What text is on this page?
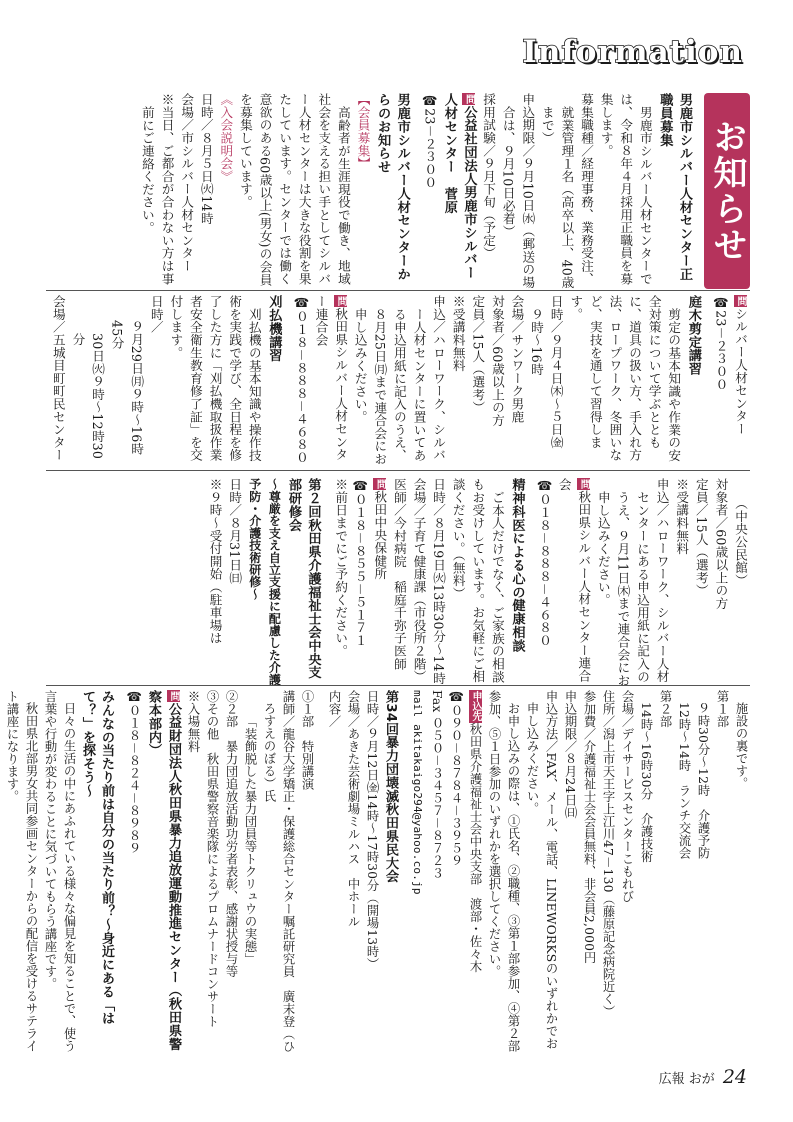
Information
お知らせ
男鹿市シルバー人材センター正職員募集
男鹿市シルバー人材センターでは、令和８年４月採用正職員を募集します。
募集職種／経理事務、業務受注、就業管理１名（高卒以上、40歳まで）
申込期限／９月10日㈬（郵送の場合は、９月10日必着）
採用試験／９月下旬（予定）
問公益社団法人男鹿市シルバー人材センター　菅原
☎23－２３００
男鹿市シルバー人材センターからのお知らせ
【会員募集】
高齢者が生涯現役で働き、地域社会を支える担い手としてシルバー人材センターは大きな役割を果たしています。センターでは働く意欲のある60歳以上(男女)の会員を募集しています。
《入会説明会》
日時／８月５日㈫14時
会場／市シルバー人材センター
※当日、ご都合が合わない方は事前にご連絡ください。
問シルバー人材センター
☎23－２３００
庭木剪定講習
剪定の基本知識や作業の安全対策について学ぶとともに、道具の扱い方、手入れ方法、ロープワーク、冬囲いなど、実技を通して習得します。
日時／９月４日㈭～５日㈮　９時～16時
会場／サンワーク男鹿
対象者／60歳以上の方
定員／15人（選考）
※受講料無料
申込／ハローワーク、シルバー人材センターに置いてある申込用紙に記入のうえ、８月25日㈪まで連合会にお申し込みください。
問秋田県シルバー人材センター連合会
☎０１８－８８８－４６８０
刈払機講習
刈払機の基本知識や操作技術を実践で学び、全日程を修了した方に「刈払機取扱作業者安全衛生教育修了証」を交付します。
日時／
９月29日㈪９時～16時45分
30日㈫９時～12時30分
会場／五城目町町民センター
（中央公民館）
対象者／60歳以上の方
定員／15人（選考）
※受講料無料
申込／ハローワーク、シルバー人材センターにある申込用紙に記入のうえ、９月11日㈭まで連合会にお申し込みください。
問秋田県シルバー人材センター連合会
☎０１８－８８８－４６８０
精神科医による心の健康相談
ご本人だけでなく、ご家族の相談もお受けしています。お気軽にご相談ください。（無料）
日時／８月19日㈫13時30分～14時
会場／子育て健康課（市役所２階）
医師／今村病院　稲庭千弥子医師
問秋田中央保健所
☎０１８－８５５－５１７１
※前日までにご予約ください。
第２回秋田県介護福祉士会中央支部研修会
～尊厳を支え自立支援に配慮した介護予防・介護技術研修～
日時／８月31日㈰
※９時～受付開始（駐車場は
施設の裏です。
第１部
９時30分～12時　介護予防
12時～14時　ランチ交流会
第２部
14時～16時30分　介護技術
会場／デイサービスセンターこもれび
住所／潟上市天王字上江川47－130（藤原記念病院近く）
参加費／介護福祉士会会員無料、非会員2,000円
申込期限／８月24日㈰
申込方法／FAX、メール、電話、LINEWORKSのいずれかでお申し込みください。
お申し込みの際は、①氏名、②職種、③第１部参加、④第２部参加、⑤１日参加のいずれかを選択してください。
申込先秋田県介護福祉士会中央支部　渡部・佐々木
☎０９０－８７８４－３９５９
Fax ０５０－３４５７－８７２３
mail akitakaigo294@yahoo.co.jp
第34回暴力団壊滅秋田県民大会
日時／９月12日㈮14時～17時30分（開場13時）
会場／あきた芸術劇場ミルハス　中ホール
内容／
①１部　特別講演
講師／龍谷大学矯正・保護総合センター嘱託研究員　廣末登（ひろすえのぼる）氏
「装飾脱した暴力団員等トクリュウの実態」
②２部　暴力団追放活動功労者表彰、感謝状授与等
③その他　秋田県警察音楽隊によるプロムナードコンサート
※入場無料
問公益財団法人秋田県暴力追放運動推進センター（秋田県警察本部内）
☎０１８－８２４－８９８９
みんなの当たり前は自分の当たり前？～身近にある「はて？」を探そう～
日々の生活の中にあふれている様々な偏見を知ることで、使う言葉や行動が変わることに気づいてもらう講座です。
秋田県北部男女共同参画センターからの配信を受けるサテライト講座になります。
広報 おが 24
